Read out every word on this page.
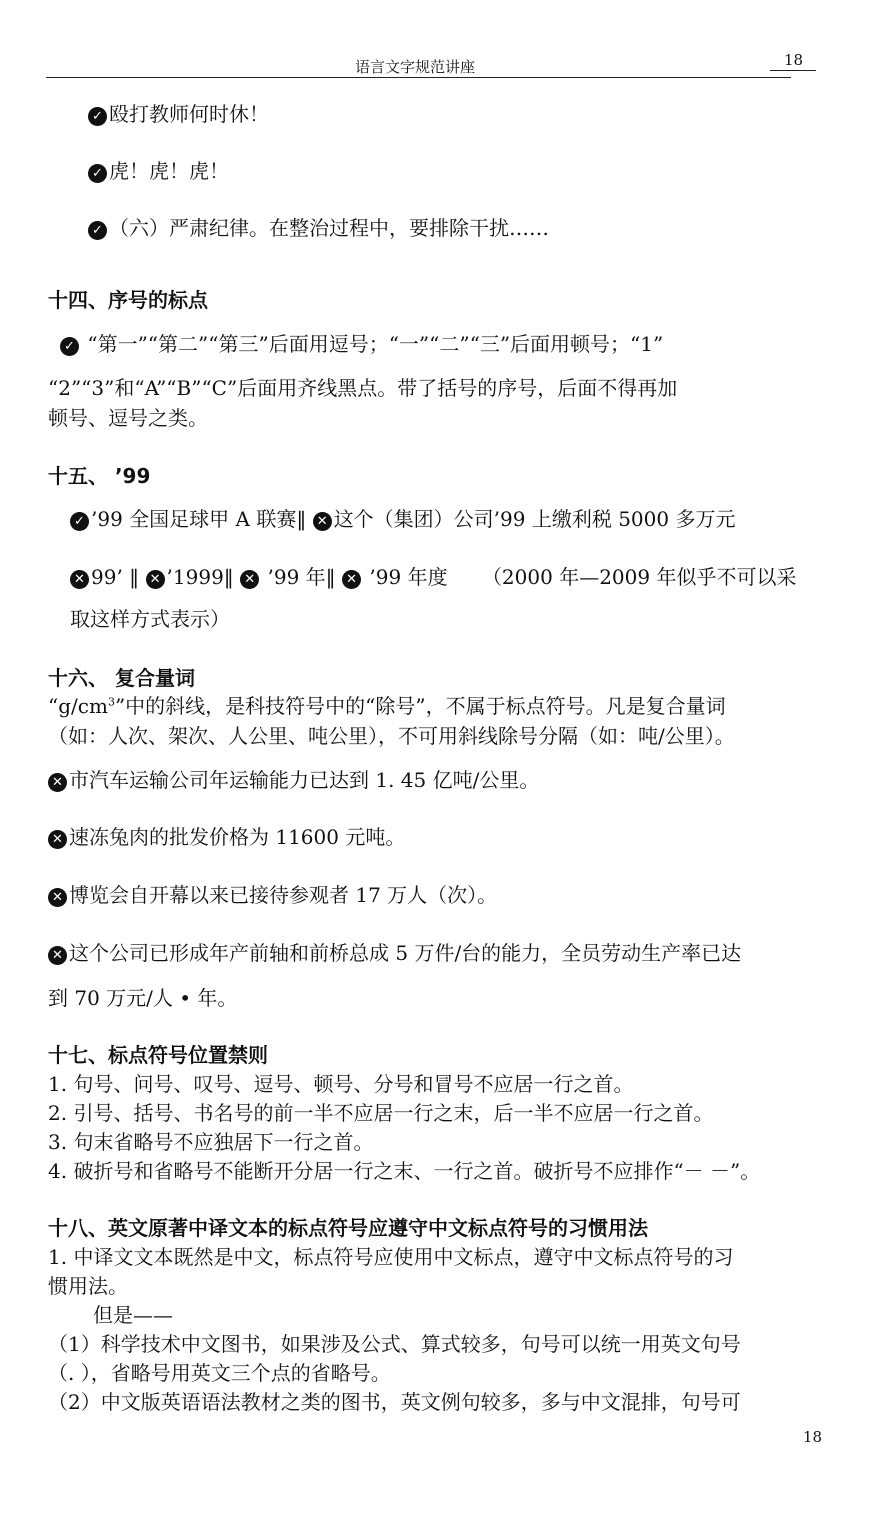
语言文字规范讲座	18
✓ 殴打教师何时休！
✓ 虎！虎！虎！
✓ （六）严肃纪律。在整治过程中，要排除干扰……
十四、序号的标点
✓ “第一”“第二”“第三”后面用逗号；“一”“二”“三”后面用顿号；“1”
“2”“3”和“A”“B”“C”后面用齐线黑点。带了括号的序号，后面不得再加
顿号、逗号之类。
十五、 ’99
✓ ’99 全国足球甲 A 联赛‖ ✕ 这个（集团）公司’99 上缴利税 5000 多万元
✕ 99’ ‖ ✕ ’1999‖ ✕ ’99 年‖ ✕ ’99 年度 （2000 年—2009 年似乎不可以采
取这样方式表示）
十六、 复合量词
“$g/cm^3$”中的斜线，是科技符号中的“除号”，不属于标点符号。凡是复合量词
（如：人次、架次、人公里、吨公里），不可用斜线除号分隔（如：吨/公里）。
✕ 市汽车运输公司年运输能力已达到 1. 45 亿吨/公里。
✕ 速冻兔肉的批发价格为 11600 元吨。
✕ 博览会自开幕以来已接待参观者 17 万人（次）。
✕ 这个公司已形成年产前轴和前桥总成 5 万件/台的能力，全员劳动生产率已达
到 70 万元/人 • 年。
十七、标点符号位置禁则
1. 句号、问号、叹号、逗号、顿号、分号和冒号不应居一行之首。
2. 引号、括号、书名号的前一半不应居一行之末，后一半不应居一行之首。
3. 句末省略号不应独居下一行之首。
4. 破折号和省略号不能断开分居一行之末、一行之首。破折号不应排作“－ －”。
十八、英文原著中译文本的标点符号应遵守中文标点符号的习惯用法
1. 中译文文本既然是中文，标点符号应使用中文标点，遵守中文标点符号的习
惯用法。
但是——
（1）科学技术中文图书，如果涉及公式、算式较多，句号可以统一用英文句号
（. ），省略号用英文三个点的省略号。
（2）中文版英语语法教材之类的图书，英文例句较多，多与中文混排，句号可
18
